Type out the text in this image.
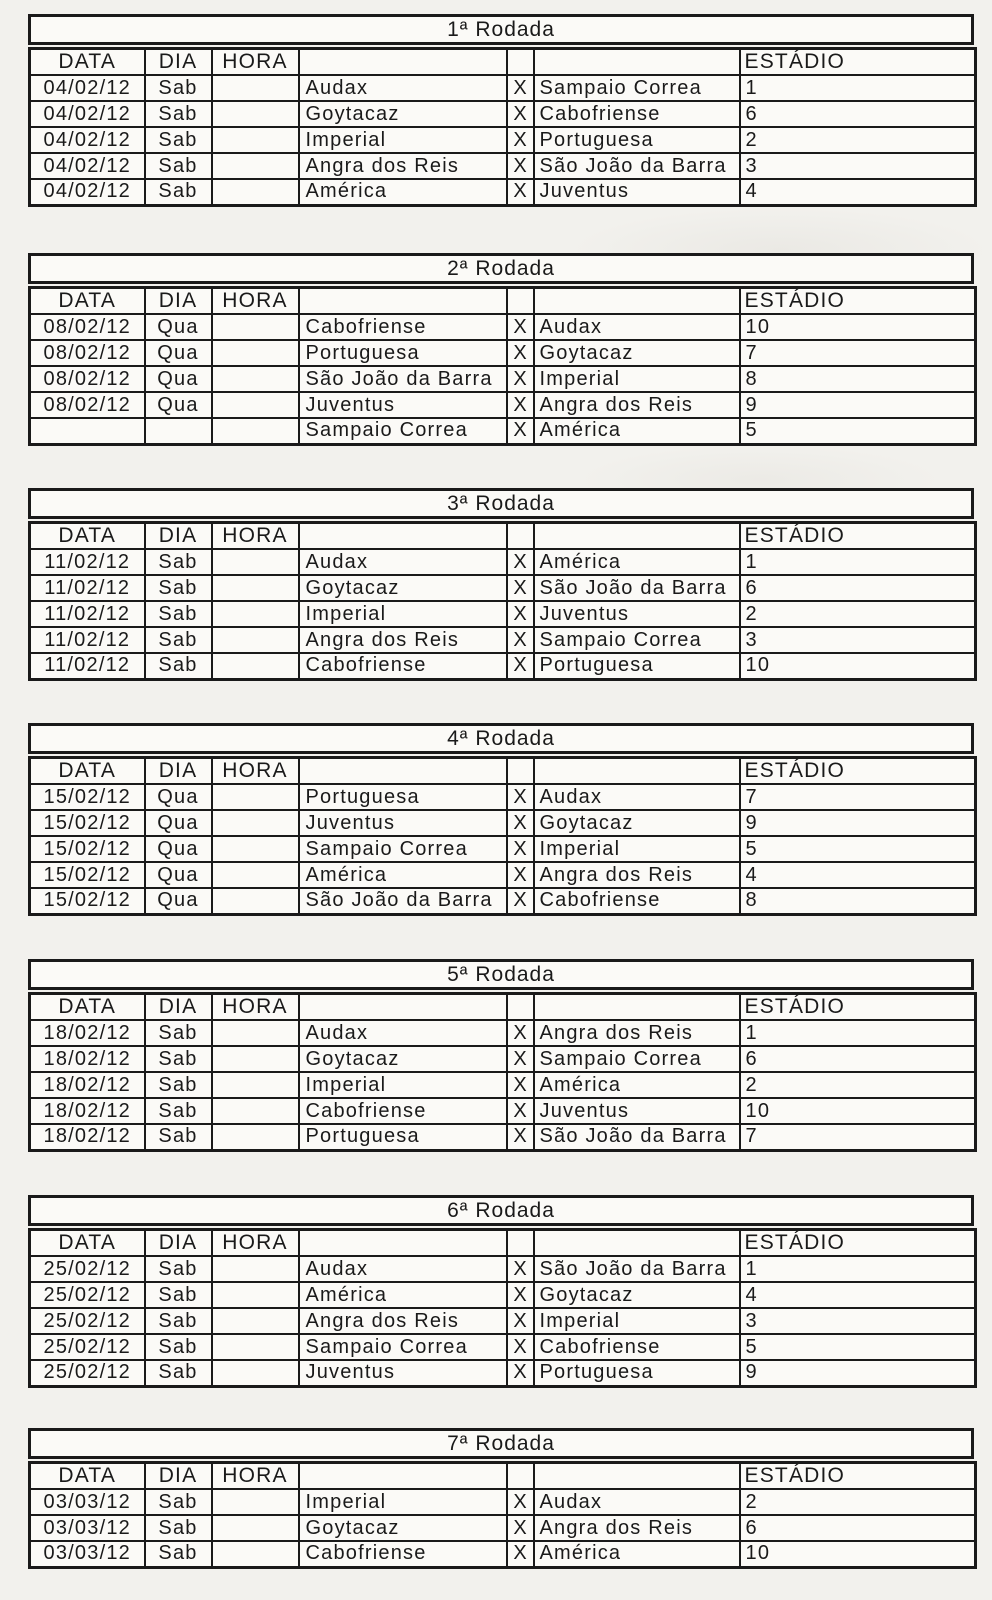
1ª Rodada
DATA	DIA	HORA				ESTÁDIO
04/02/12	Sab		Audax	X	Sampaio Correa	1
04/02/12	Sab		Goytacaz	X	Cabofriense	6
04/02/12	Sab		Imperial	X	Portuguesa	2
04/02/12	Sab		Angra dos Reis	X	São João da Barra	3
04/02/12	Sab		América	X	Juventus	4
2ª Rodada
DATA	DIA	HORA				ESTÁDIO
08/02/12	Qua		Cabofriense	X	Audax	10
08/02/12	Qua		Portuguesa	X	Goytacaz	7
08/02/12	Qua		São João da Barra	X	Imperial	8
08/02/12	Qua		Juventus	X	Angra dos Reis	9
			Sampaio Correa	X	América	5
3ª Rodada
DATA	DIA	HORA				ESTÁDIO
11/02/12	Sab		Audax	X	América	1
11/02/12	Sab		Goytacaz	X	São João da Barra	6
11/02/12	Sab		Imperial	X	Juventus	2
11/02/12	Sab		Angra dos Reis	X	Sampaio Correa	3
11/02/12	Sab		Cabofriense	X	Portuguesa	10
4ª Rodada
DATA	DIA	HORA				ESTÁDIO
15/02/12	Qua		Portuguesa	X	Audax	7
15/02/12	Qua		Juventus	X	Goytacaz	9
15/02/12	Qua		Sampaio Correa	X	Imperial	5
15/02/12	Qua		América	X	Angra dos Reis	4
15/02/12	Qua		São João da Barra	X	Cabofriense	8
5ª Rodada
DATA	DIA	HORA				ESTÁDIO
18/02/12	Sab		Audax	X	Angra dos Reis	1
18/02/12	Sab		Goytacaz	X	Sampaio Correa	6
18/02/12	Sab		Imperial	X	América	2
18/02/12	Sab		Cabofriense	X	Juventus	10
18/02/12	Sab		Portuguesa	X	São João da Barra	7
6ª Rodada
DATA	DIA	HORA				ESTÁDIO
25/02/12	Sab		Audax	X	São João da Barra	1
25/02/12	Sab		América	X	Goytacaz	4
25/02/12	Sab		Angra dos Reis	X	Imperial	3
25/02/12	Sab		Sampaio Correa	X	Cabofriense	5
25/02/12	Sab		Juventus	X	Portuguesa	9
7ª Rodada
DATA	DIA	HORA				ESTÁDIO
03/03/12	Sab		Imperial	X	Audax	2
03/03/12	Sab		Goytacaz	X	Angra dos Reis	6
03/03/12	Sab		Cabofriense	X	América	10
